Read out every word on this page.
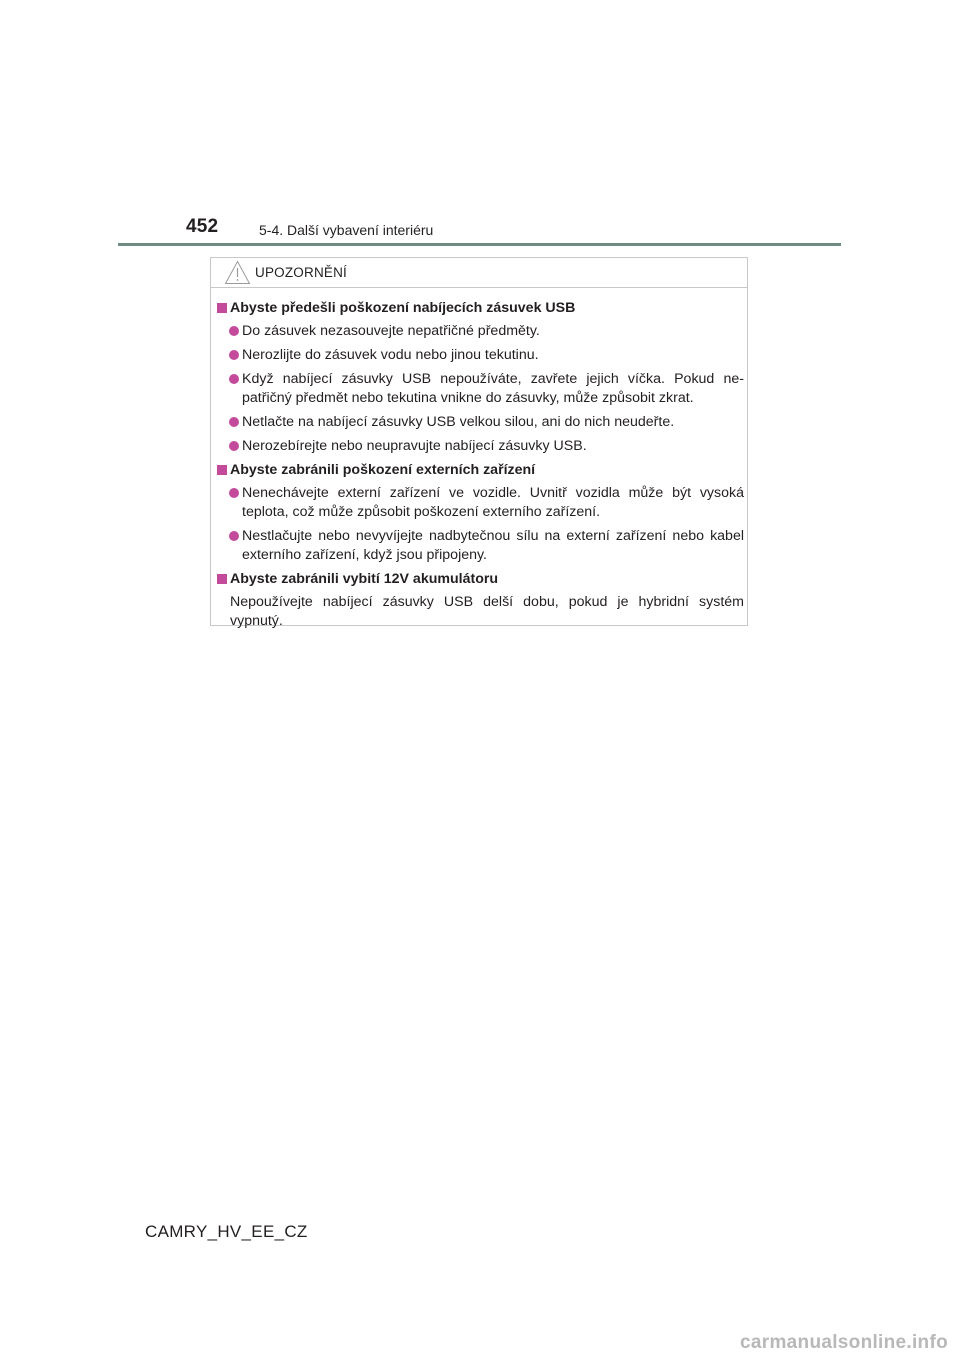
452	5-4. Další vybavení interiéru
UPOZORNĚNÍ
Abyste předešli poškození nabíjecích zásuvek USB
Do zásuvek nezasouvejte nepatřičné předměty.
Nerozlijte do zásuvek vodu nebo jinou tekutinu.
Když nabíjecí zásuvky USB nepoužíváte, zavřete jejich víčka. Pokud ne-patřičný předmět nebo tekutina vnikne do zásuvky, může způsobit zkrat.
Netlačte na nabíjecí zásuvky USB velkou silou, ani do nich neudeřte.
Nerozebírejte nebo neupravujte nabíjecí zásuvky USB.
Abyste zabránili poškození externích zařízení
Nenechávejte externí zařízení ve vozidle. Uvnitř vozidla může být vysoká teplota, což může způsobit poškození externího zařízení.
Nestlačujte nebo nevyvíjejte nadbytečnou sílu na externí zařízení nebo kabel externího zařízení, když jsou připojeny.
Abyste zabránili vybití 12V akumulátoru
Nepoužívejte nabíjecí zásuvky USB delší dobu, pokud je hybridní systém vypnutý.
CAMRY_HV_EE_CZ
carmanualsonline.info
